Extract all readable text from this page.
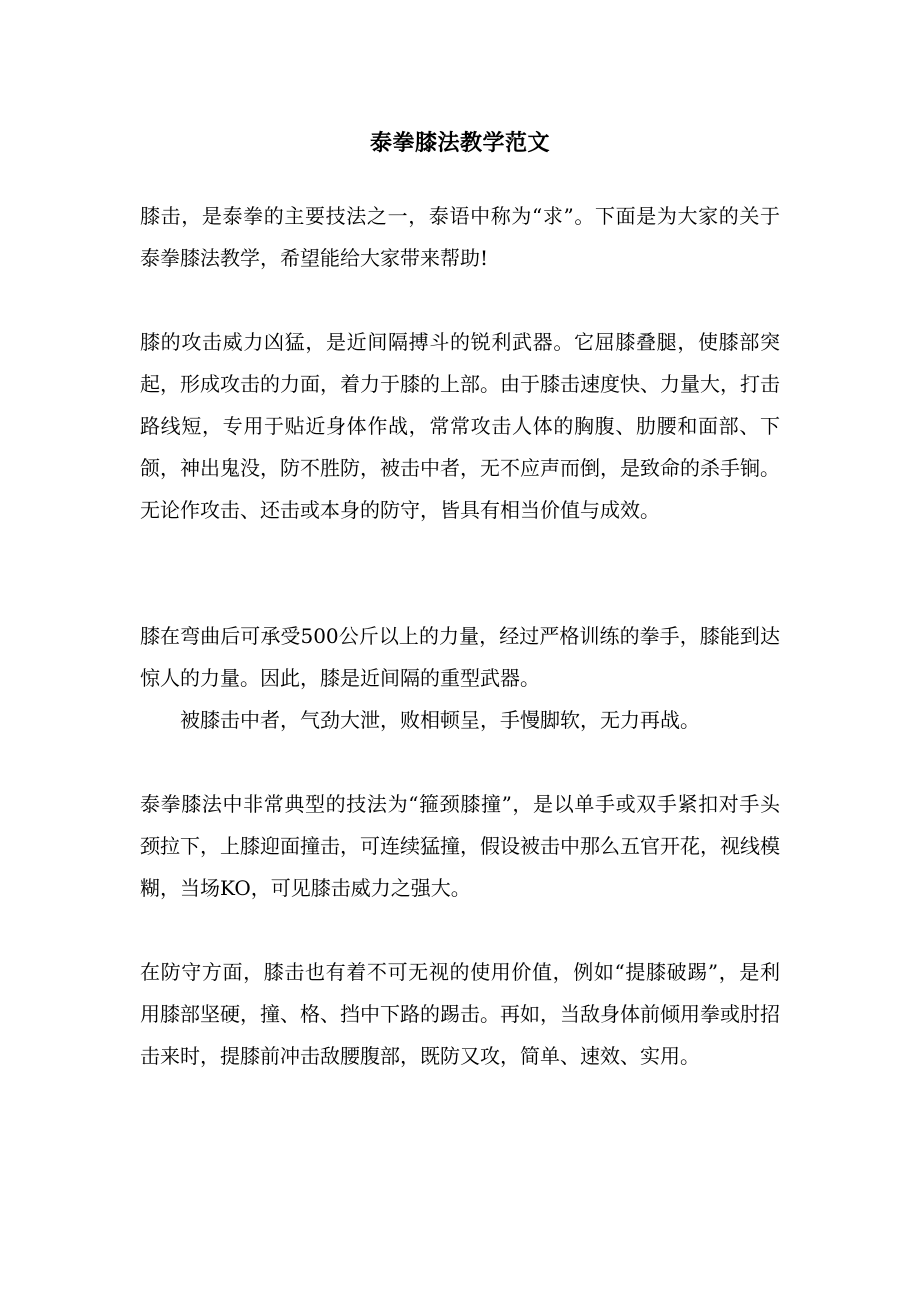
泰拳膝法教学范文

膝击，是泰拳的主要技法之一，泰语中称为“求”。下面是为大家的关于泰拳膝法教学，希望能给大家带来帮助!

膝的攻击威力凶猛，是近间隔搏斗的锐利武器。它屈膝叠腿，使膝部突起，形成攻击的力面，着力于膝的上部。由于膝击速度快、力量大，打击路线短，专用于贴近身体作战，常常攻击人体的胸腹、肋腰和面部、下颌，神出鬼没，防不胜防，被击中者，无不应声而倒，是致命的杀手锏。无论作攻击、还击或本身的防守，皆具有相当价值与成效。

膝在弯曲后可承受500公斤以上的力量，经过严格训练的拳手，膝能到达惊人的力量。因此，膝是近间隔的重型武器。

被膝击中者，气劲大泄，败相顿呈，手慢脚软，无力再战。

泰拳膝法中非常典型的技法为“箍颈膝撞”，是以单手或双手紧扣对手头颈拉下，上膝迎面撞击，可连续猛撞，假设被击中那么五官开花，视线模糊，当场KO，可见膝击威力之强大。

在防守方面，膝击也有着不可无视的使用价值，例如“提膝破踢”，是利用膝部坚硬，撞、格、挡中下路的踢击。再如，当敌身体前倾用拳或肘招击来时，提膝前冲击敌腰腹部，既防又攻，简单、速效、实用。
